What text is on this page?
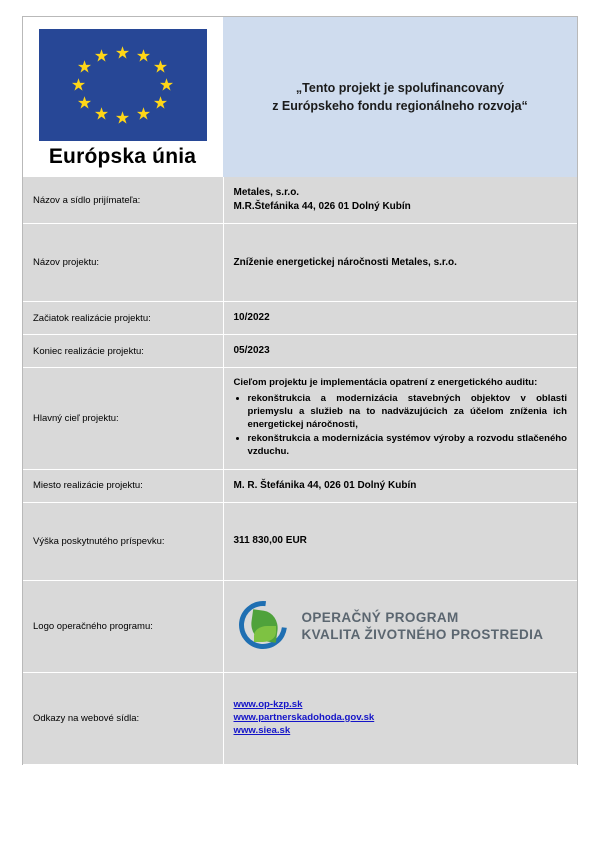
★ ★
★
★
★
★
★
★
★
★
★
★
Európska únia
„Tento projekt je spolufinancovaný
z Európskeho fondu regionálneho rozvoja“
Názov a sídlo prijímateľa:	Metales, s.r.o.
M.R.Štefánika 44, 026 01 Dolný Kubín

Názov projektu:	Zníženie energetickej náročnosti Metales, s.r.o.
Začiatok realizácie projektu:	10/2022
Koniec realizácie projektu:	05/2023
Hlavný cieľ projektu:	
Cieľom projektu je implementácia opatrení z energetického auditu:
• rekonštrukcia a modernizácia stavebných objektov v oblasti priemyslu a služieb na to nadväzujúcich za účelom zníženia ich energetickej náročnosti,
• rekonštrukcia a modernizácia systémov výroby a rozvodu stlačeného vzduchu.

Miesto realizácie projektu:	M. R. Štefánika 44, 026 01 Dolný Kubín
Výška poskytnutého príspevku:	311 830,00 EUR
Logo operačného programu:	OPERAČNÝ PROGRAM
KVALITA ŽIVOTNÉHO PROSTREDIA

Odkazy na webové sídla:	www.op-kzp.sk
www.partnerskadohoda.gov.sk
www.siea.sk
